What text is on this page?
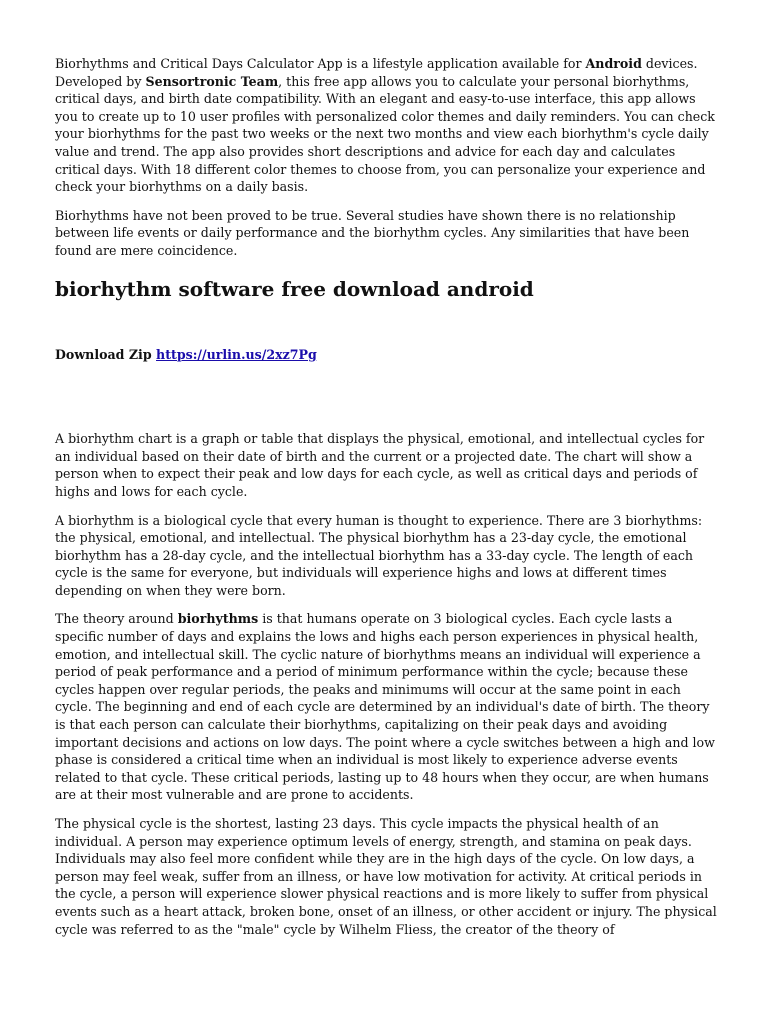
Biorhythms and Critical Days Calculator App is a lifestyle application available for Android devices. Developed by Sensortronic Team, this free app allows you to calculate your personal biorhythms, critical days, and birth date compatibility. With an elegant and easy-to-use interface, this app allows you to create up to 10 user profiles with personalized color themes and daily reminders. You can check your biorhythms for the past two weeks or the next two months and view each biorhythm's cycle daily value and trend. The app also provides short descriptions and advice for each day and calculates critical days. With 18 different color themes to choose from, you can personalize your experience and check your biorhythms on a daily basis.

Biorhythms have not been proved to be true. Several studies have shown there is no relationship between life events or daily performance and the biorhythm cycles. Any similarities that have been found are mere coincidence.

biorhythm software free download android
Download Zip https://urlin.us/2xz7Pg

A biorhythm chart is a graph or table that displays the physical, emotional, and intellectual cycles for an individual based on their date of birth and the current or a projected date. The chart will show a person when to expect their peak and low days for each cycle, as well as critical days and periods of highs and lows for each cycle.

A biorhythm is a biological cycle that every human is thought to experience. There are 3 biorhythms: the physical, emotional, and intellectual. The physical biorhythm has a 23-day cycle, the emotional biorhythm has a 28-day cycle, and the intellectual biorhythm has a 33-day cycle. The length of each cycle is the same for everyone, but individuals will experience highs and lows at different times depending on when they were born.

The theory around biorhythms is that humans operate on 3 biological cycles. Each cycle lasts a specific number of days and explains the lows and highs each person experiences in physical health, emotion, and intellectual skill. The cyclic nature of biorhythms means an individual will experience a period of peak performance and a period of minimum performance within the cycle; because these cycles happen over regular periods, the peaks and minimums will occur at the same point in each cycle. The beginning and end of each cycle are determined by an individual's date of birth. The theory is that each person can calculate their biorhythms, capitalizing on their peak days and avoiding important decisions and actions on low days. The point where a cycle switches between a high and low phase is considered a critical time when an individual is most likely to experience adverse events related to that cycle. These critical periods, lasting up to 48 hours when they occur, are when humans are at their most vulnerable and are prone to accidents.

The physical cycle is the shortest, lasting 23 days. This cycle impacts the physical health of an individual. A person may experience optimum levels of energy, strength, and stamina on peak days. Individuals may also feel more confident while they are in the high days of the cycle. On low days, a person may feel weak, suffer from an illness, or have low motivation for activity. At critical periods in the cycle, a person will experience slower physical reactions and is more likely to suffer from physical events such as a heart attack, broken bone, onset of an illness, or other accident or injury. The physical cycle was referred to as the "male" cycle by Wilhelm Fliess, the creator of the theory of
